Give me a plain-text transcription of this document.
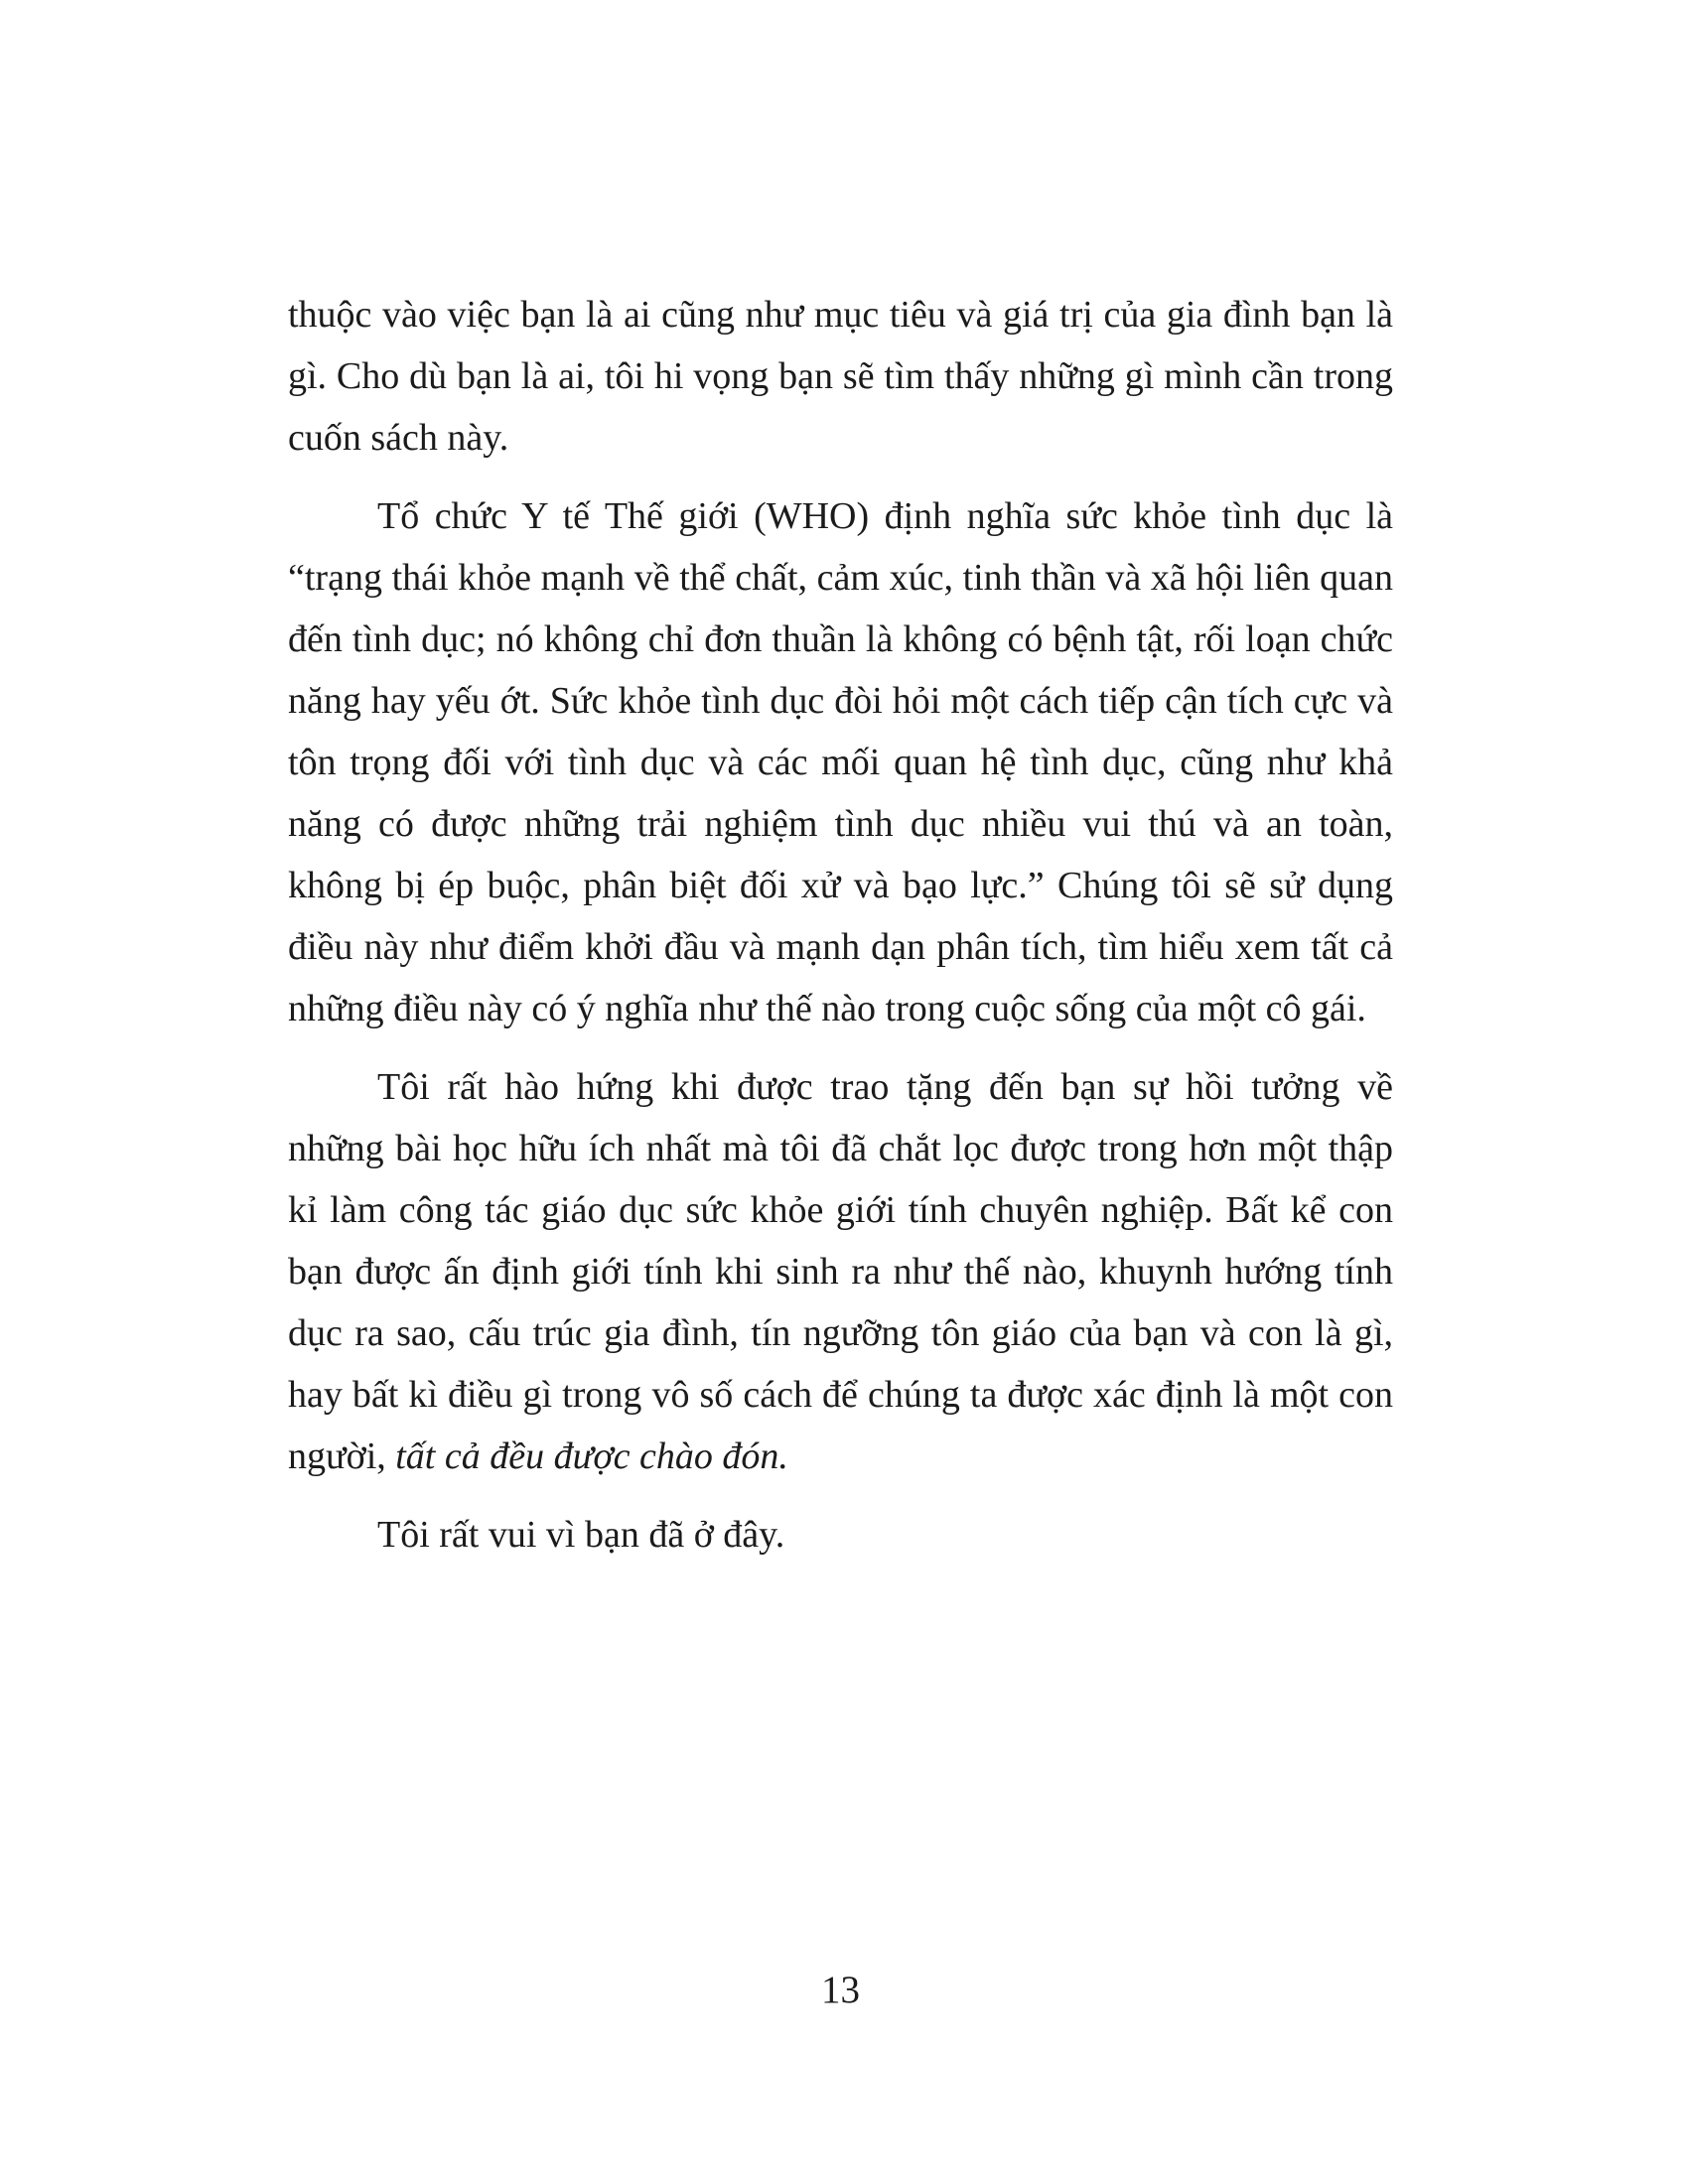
thuộc vào việc bạn là ai cũng như mục tiêu và giá trị của gia đình bạn là gì. Cho dù bạn là ai, tôi hi vọng bạn sẽ tìm thấy những gì mình cần trong cuốn sách này.

Tổ chức Y tế Thế giới (WHO) định nghĩa sức khỏe tình dục là “trạng thái khỏe mạnh về thể chất, cảm xúc, tinh thần và xã hội liên quan đến tình dục; nó không chỉ đơn thuần là không có bệnh tật, rối loạn chức năng hay yếu ớt. Sức khỏe tình dục đòi hỏi một cách tiếp cận tích cực và tôn trọng đối với tình dục và các mối quan hệ tình dục, cũng như khả năng có được những trải nghiệm tình dục nhiều vui thú và an toàn, không bị ép buộc, phân biệt đối xử và bạo lực.” Chúng tôi sẽ sử dụng điều này như điểm khởi đầu và mạnh dạn phân tích, tìm hiểu xem tất cả những điều này có ý nghĩa như thế nào trong cuộc sống của một cô gái.

Tôi rất hào hứng khi được trao tặng đến bạn sự hồi tưởng về những bài học hữu ích nhất mà tôi đã chắt lọc được trong hơn một thập kỉ làm công tác giáo dục sức khỏe giới tính chuyên nghiệp. Bất kể con bạn được ấn định giới tính khi sinh ra như thế nào, khuynh hướng tính dục ra sao, cấu trúc gia đình, tín ngưỡng tôn giáo của bạn và con là gì, hay bất kì điều gì trong vô số cách để chúng ta được xác định là một con người, tất cả đều được chào đón.

Tôi rất vui vì bạn đã ở đây.

13
